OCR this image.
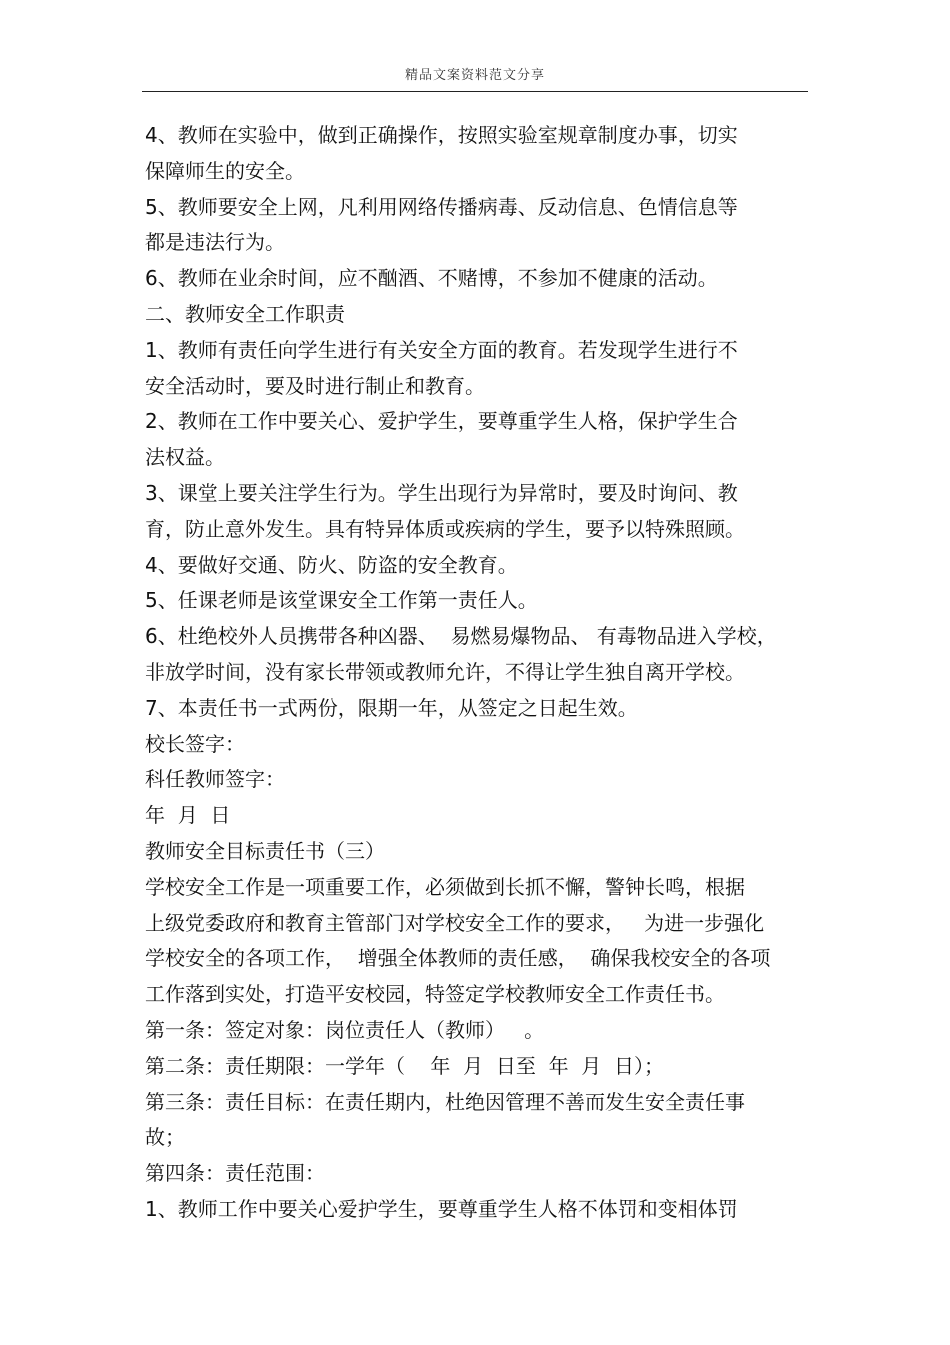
精品文案资料范文分享
4、教师在实验中，做到正确操作，按照实验室规章制度办事，切实
保障师生的安全。
5、教师要安全上网，凡利用网络传播病毒、反动信息、色情信息等
都是违法行为。
6、教师在业余时间，应不酗酒、不赌博，不参加不健康的活动。
二、教师安全工作职责
1、教师有责任向学生进行有关安全方面的教育。若发现学生进行不
安全活动时，要及时进行制止和教育。
2、教师在工作中要关心、爱护学生，要尊重学生人格，保护学生合
法权益。
3、课堂上要关注学生行为。学生出现行为异常时，要及时询问、教
育，防止意外发生。具有特异体质或疾病的学生，要予以特殊照顾。
4、要做好交通、防火、防盗的安全教育。
5、任课老师是该堂课安全工作第一责任人。
6、杜绝校外人员携带各种凶器、  易燃易爆物品、 有毒物品进入学校，
非放学时间，没有家长带领或教师允许，不得让学生独自离开学校。
7、本责任书一式两份，限期一年，从签定之日起生效。
校长签字：
科任教师签字：
年  月  日
教师安全目标责任书（三）
学校安全工作是一项重要工作，必须做到长抓不懈，警钟长鸣，根据
上级党委政府和教育主管部门对学校安全工作的要求，   为进一步强化
学校安全的各项工作，  增强全体教师的责任感，  确保我校安全的各项
工作落到实处，打造平安校园，特签定学校教师安全工作责任书。
第一条：签定对象：岗位责任人（教师）   。
第二条：责任期限：一学年（    年  月  日至  年  月  日）；
第三条：责任目标：在责任期内，杜绝因管理不善而发生安全责任事
故；
第四条：责任范围：
1、教师工作中要关心爱护学生，要尊重学生人格不体罚和变相体罚
